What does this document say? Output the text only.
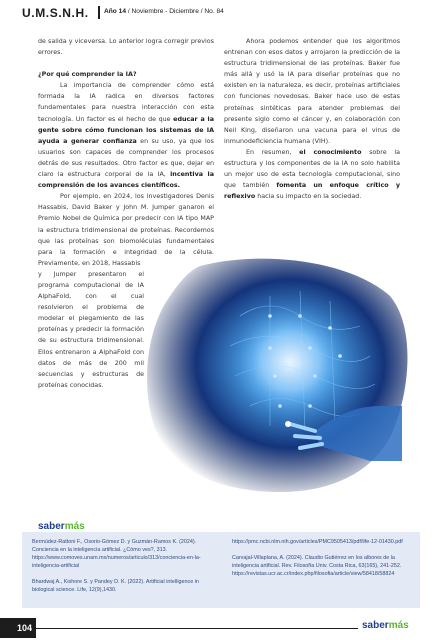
U.M.S.N.H. Año 14 / Noviembre - Diciembre / No. 84

de salida y viceversa. Lo anterior logra corregir previos errores.

¿Por qué comprender la IA?

La importancia de comprender cómo está formada la IA radica en diversos factores fundamentales para nuestra interacción con esta tecnología. Un factor es el hecho de que educar a la gente sobre cómo funcionan los sistemas de IA ayuda a generar confianza en su uso, ya que los usuarios son capaces de comprender los procesos detrás de sus resultados. Otro factor es que, dejar en claro la estructura corporal de la IA, incentiva la comprensión de los avances científicos.

Por ejemplo, en 2024, los investigadores Denis Hassabis, David Baker y John M. Jumper ganaron el Premio Nobel de Química por predecir con IA tipo MAP la estructura tridimensional de proteínas. Recordemos que las proteínas son biomoléculas fundamentales para la formación e integridad de la célula. Previamente, en 2018, Hassabis

y Jumper presentaron el programa computacional de IA AlphaFold, con el cual resolvieron el problema de modelar el plegamiento de las proteínas y predecir la formación de su estructura tridimensional. Ellos entrenaron a AlphaFold con datos de más de 200 mil secuencias y estructuras de proteínas conocidas.

Ahora podemos entender que los algoritmos entrenan con esos datos y arrojaron la predicción de la estructura tridimensional de las proteínas. Baker fue más allá y usó la IA para diseñar proteínas que no existen en la naturaleza, es decir, proteínas artificiales con funciones novedosas. Baker hace uso de estas proteínas sintéticas para atender problemas del presente siglo como el cáncer y, en colaboración con Neil King, diseñaron una vacuna para el virus de inmunodeficiencia humana (VIH).

En resumen, el conocimiento sobre la estructura y los componentes de la IA no solo habilita un mejor uso de esta tecnología computacional, sino que también fomenta un enfoque crítico y reflexivo hacia su impacto en la sociedad.

sabermás

Bermúdez-Rattoni F., Osorio-Gómez D. y Guzmán-Ramos K. (2024). Conciencia en la inteligencia artificial. ¿Cómo ves?, 313. https://www.comoves.unam.mx/numeros/articulo/313/conciencia-en-la-inteligencia-artificial

Bhardwaj A., Kishore S. y Pandey D. K. (2022). Artificial intelligence in biological science. Life, 12(9),1430.

https://pmc.ncbi.nlm.nih.gov/articles/PMC9505413/pdf/life-12-01430.pdf

Carvajal-Villaplana, A. (2024). Claudio Gutiérrez en los albores de la inteligencia artificial. Rev. Filosofía Univ. Costa Rica, 63(165), 241-252. https://revistas.ucr.ac.cr/index.php/filosofia/article/view/58418/58824

104	sabermás
